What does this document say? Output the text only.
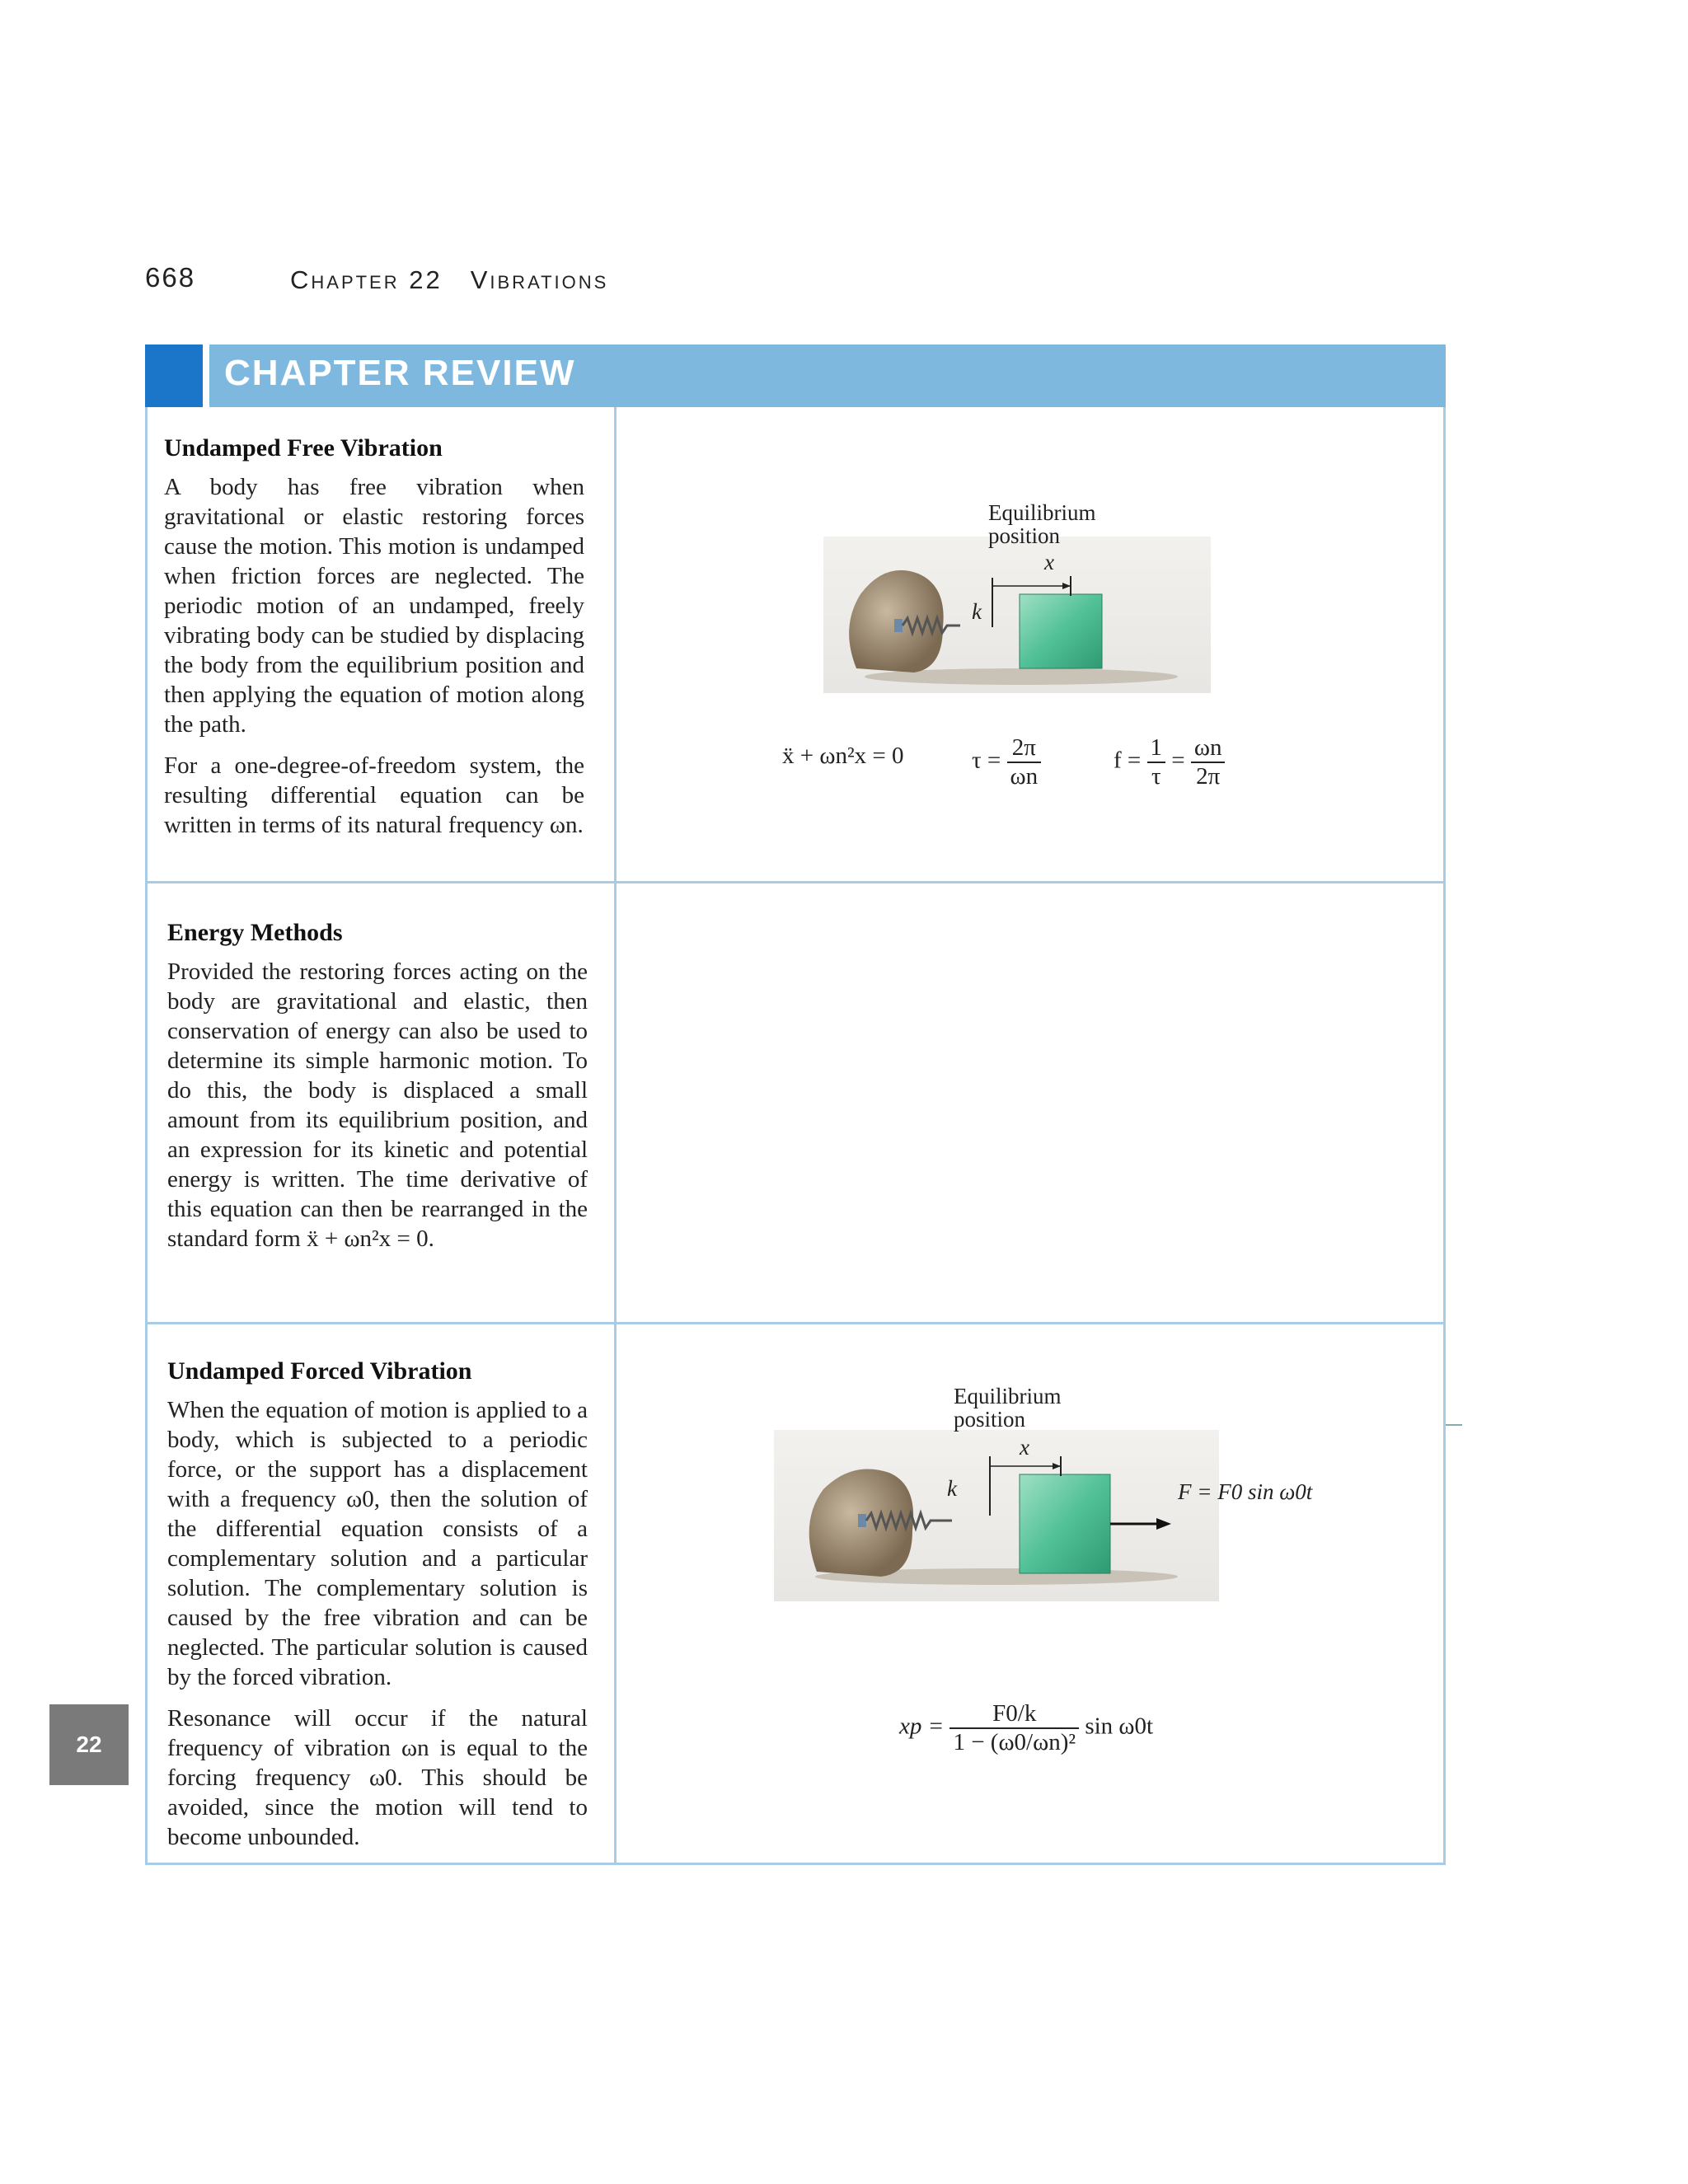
668	Chapter 22 Vibrations
CHAPTER REVIEW
Undamped Free Vibration

A body has free vibration when gravitational or elastic restoring forces cause the motion. This motion is undamped when friction forces are neglected. The periodic motion of an undamped, freely vibrating body can be studied by displacing the body from the equilibrium position and then applying the equation of motion along the path.

For a one-degree-of-freedom system, the resulting differential equation can be written in terms of its natural frequency ωn.

Energy Methods

Provided the restoring forces acting on the body are gravitational and elastic, then conservation of energy can also be used to determine its simple harmonic motion. To do this, the body is displaced a small amount from its equilibrium position, and an expression for its kinetic and potential energy is written. The time derivative of this equation can then be rearranged in the standard form ẍ + ωn²x = 0.

Undamped Forced Vibration

When the equation of motion is applied to a body, which is subjected to a periodic force, or the support has a displacement with a frequency ω0, then the solution of the differential equation consists of a complementary solution and a particular solution. The complementary solution is caused by the free vibration and can be neglected. The particular solution is caused by the forced vibration.

Resonance will occur if the natural frequency of vibration ωn is equal to the forcing frequency ω0. This should be avoided, since the motion will tend to become unbounded.

Equilibrium
position
x
k
ẍ + ωn²x = 0	$\tau = \frac{2\pi}{\omega n}$	$f = \frac{1}{\tau} = \frac{\omega n}{2\pi}$
Equilibrium
position
x
k	F = F0 sin ω0t
xp = $\frac{F0/k}{\text{1 − (ω0/ωn)²}}$ sin ω0t
22
